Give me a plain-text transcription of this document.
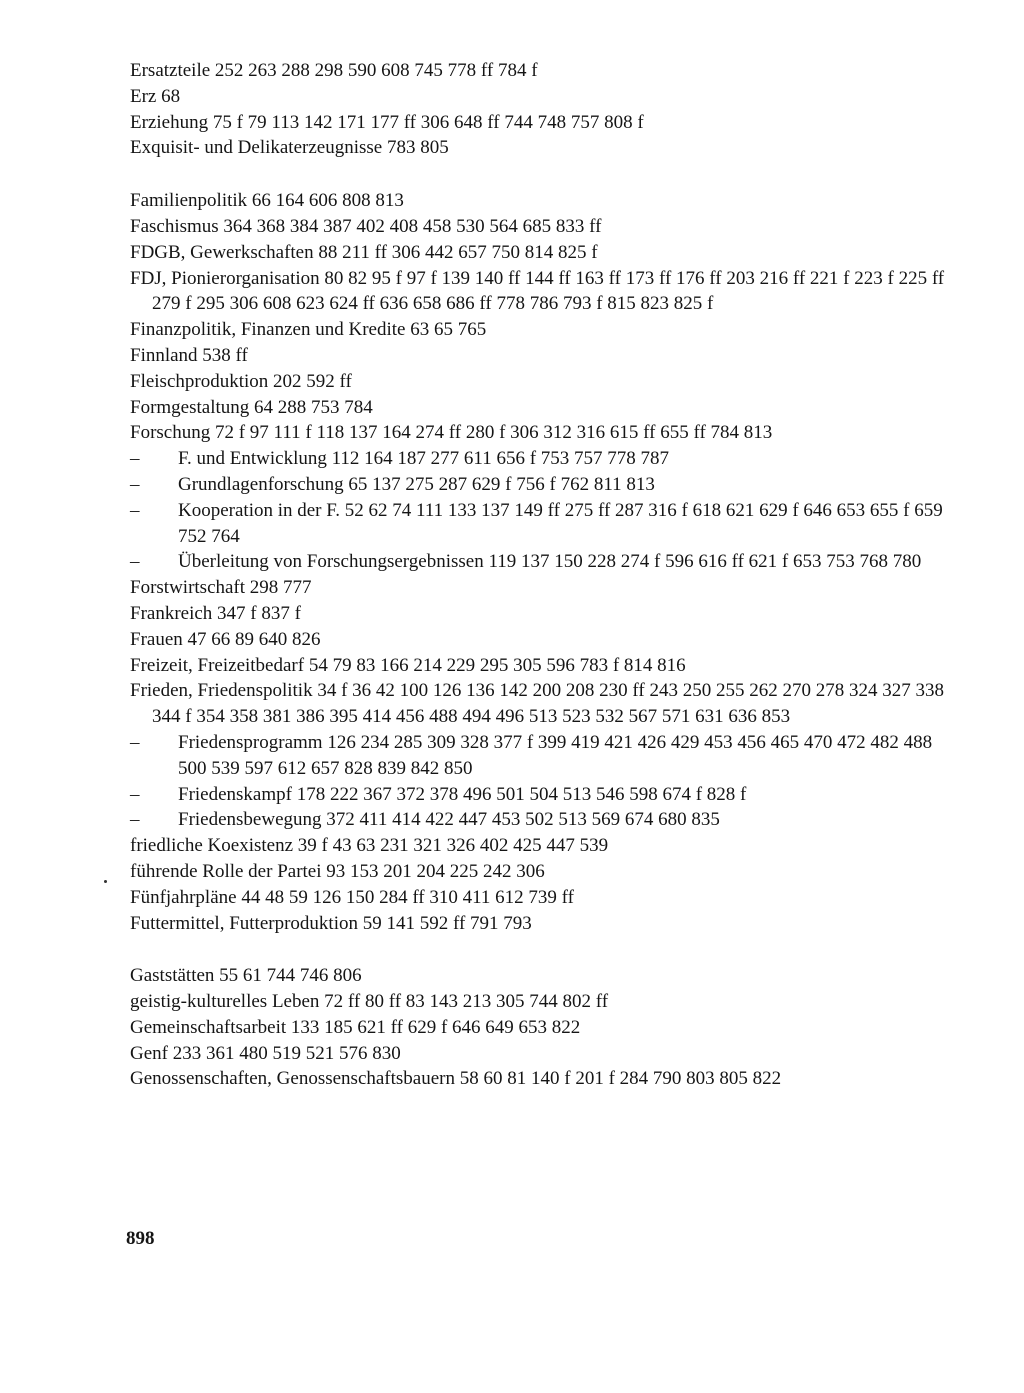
Ersatzteile 252 263 288 298 590 608 745 778 ff 784 f
Erz 68
Erziehung 75 f 79 113 142 171 177 ff 306 648 ff 744 748 757 808 f
Exquisit- und Delikaterzeugnisse 783 805
Familienpolitik 66 164 606 808 813
Faschismus 364 368 384 387 402 408 458 530 564 685 833 ff
FDGB, Gewerkschaften 88 211 ff 306 442 657 750 814 825 f
FDJ, Pionierorganisation 80 82 95 f 97 f 139 140 ff 144 ff 163 ff 173 ff 176 ff 203 216 ff 221 f 223 f 225 ff 279 f 295 306 608 623 624 ff 636 658 686 ff 778 786 793 f 815 823 825 f
Finanzpolitik, Finanzen und Kredite 63 65 765
Finnland 538 ff
Fleischproduktion 202 592 ff
Formgestaltung 64 288 753 784
Forschung 72 f 97 111 f 118 137 164 274 ff 280 f 306 312 316 615 ff 655 ff 784 813
–	F. und Entwicklung 112 164 187 277 611 656 f 753 757 778 787
–	Grundlagenforschung 65 137 275 287 629 f 756 f 762 811 813
–	Kooperation in der F. 52 62 74 111 133 137 149 ff 275 ff 287 316 f 618 621 629 f 646 653 655 f 659 752 764
–	Überleitung von Forschungsergebnissen 119 137 150 228 274 f 596 616 ff 621 f 653 753 768 780
Forstwirtschaft 298 777
Frankreich 347 f 837 f
Frauen 47 66 89 640 826
Freizeit, Freizeitbedarf 54 79 83 166 214 229 295 305 596 783 f 814 816
Frieden, Friedenspolitik 34 f 36 42 100 126 136 142 200 208 230 ff 243 250 255 262 270 278 324 327 338 344 f 354 358 381 386 395 414 456 488 494 496 513 523 532 567 571 631 636 853
–	Friedensprogramm 126 234 285 309 328 377 f 399 419 421 426 429 453 456 465 470 472 482 488 500 539 597 612 657 828 839 842 850
–	Friedenskampf 178 222 367 372 378 496 501 504 513 546 598 674 f 828 f
–	Friedensbewegung 372 411 414 422 447 453 502 513 569 674 680 835
friedliche Koexistenz 39 f 43 63 231 321 326 402 425 447 539
führende Rolle der Partei 93 153 201 204 225 242 306
Fünfjahrpläne 44 48 59 126 150 284 ff 310 411 612 739 ff
Futtermittel, Futterproduktion 59 141 592 ff 791 793
Gaststätten 55 61 744 746 806
geistig-kulturelles Leben 72 ff 80 ff 83 143 213 305 744 802 ff
Gemeinschaftsarbeit 133 185 621 ff 629 f 646 649 653 822
Genf 233 361 480 519 521 576 830
Genossenschaften, Genossenschaftsbauern 58 60 81 140 f 201 f 284 790 803 805 822
898
